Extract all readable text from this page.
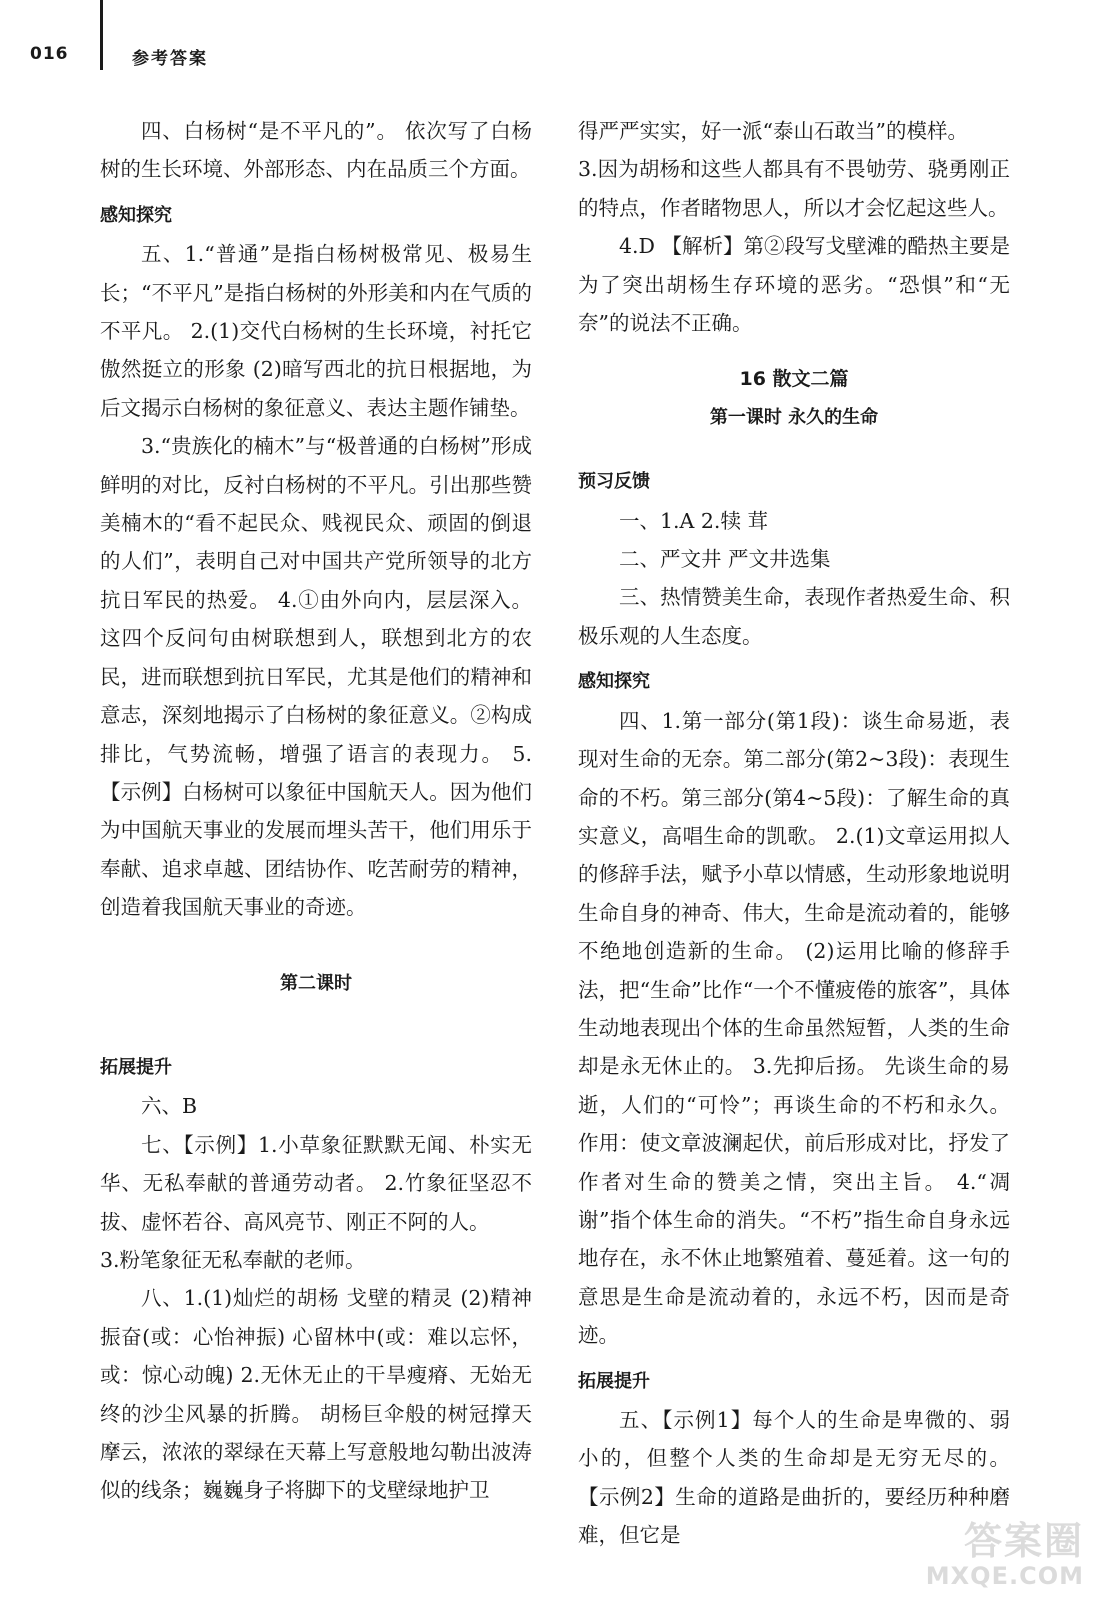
016	参考答案

四、白杨树“是不平凡的”。 依次写了白杨树的生长环境、外部形态、内在品质三个方面。

感知探究

五、1.“普通”是指白杨树极常见、极易生长；“不平凡”是指白杨树的外形美和内在气质的不平凡。 2.(1)交代白杨树的生长环境，衬托它傲然挺立的形象 (2)暗写西北的抗日根据地，为后文揭示白杨树的象征意义、表达主题作铺垫。

3.“贵族化的楠木”与“极普通的白杨树”形成鲜明的对比，反衬白杨树的不平凡。引出那些赞美楠木的“看不起民众、贱视民众、顽固的倒退的人们”，表明自己对中国共产党所领导的北方抗日军民的热爱。 4.①由外向内，层层深入。这四个反问句由树联想到人，联想到北方的农民，进而联想到抗日军民，尤其是他们的精神和意志，深刻地揭示了白杨树的象征意义。②构成排比，气势流畅，增强了语言的表现力。 5.【示例】白杨树可以象征中国航天人。因为他们为中国航天事业的发展而埋头苦干，他们用乐于奉献、追求卓越、团结协作、吃苦耐劳的精神，创造着我国航天事业的奇迹。

第二课时

拓展提升

六、B

七、【示例】1.小草象征默默无闻、朴实无华、无私奉献的普通劳动者。 2.竹象征坚忍不拔、虚怀若谷、高风亮节、刚正不阿的人。

3.粉笔象征无私奉献的老师。

八、1.(1)灿烂的胡杨 戈壁的精灵 (2)精神振奋(或：心怡神振) 心留林中(或：难以忘怀，或：惊心动魄) 2.无休无止的干旱瘦瘠、无始无终的沙尘风暴的折腾。 胡杨巨伞般的树冠撑天摩云，浓浓的翠绿在天幕上写意般地勾勒出波涛似的线条；巍巍身子将脚下的戈壁绿地护卫

得严严实实，好一派“泰山石敢当”的模样。

3.因为胡杨和这些人都具有不畏劬劳、骁勇刚正的特点，作者睹物思人，所以才会忆起这些人。

4.D 【解析】第②段写戈壁滩的酷热主要是为了突出胡杨生存环境的恶劣。“恐惧”和“无奈”的说法不正确。

16 散文二篇

第一课时 永久的生命

预习反馈

一、1.A 2.犊 茸

二、严文井 严文井选集

三、热情赞美生命，表现作者热爱生命、积极乐观的人生态度。

感知探究

四、1.第一部分(第1段)：谈生命易逝，表现对生命的无奈。第二部分(第2~3段)：表现生命的不朽。第三部分(第4~5段)：了解生命的真实意义，高唱生命的凯歌。 2.(1)文章运用拟人的修辞手法，赋予小草以情感，生动形象地说明生命自身的神奇、伟大，生命是流动着的，能够不绝地创造新的生命。 (2)运用比喻的修辞手法，把“生命”比作“一个不懂疲倦的旅客”，具体生动地表现出个体的生命虽然短暂，人类的生命却是永无休止的。 3.先抑后扬。 先谈生命的易逝，人们的“可怜”；再谈生命的不朽和永久。 作用：使文章波澜起伏，前后形成对比，抒发了作者对生命的赞美之情，突出主旨。 4.“凋谢”指个体生命的消失。“不朽”指生命自身永远地存在，永不休止地繁殖着、蔓延着。这一句的意思是生命是流动着的，永远不朽，因而是奇迹。

拓展提升

五、【示例1】每个人的生命是卑微的、弱小的，但整个人类的生命却是无穷无尽的。 【示例2】生命的道路是曲折的，要经历种种磨难，但它是	答案圈
MXQE.COM
